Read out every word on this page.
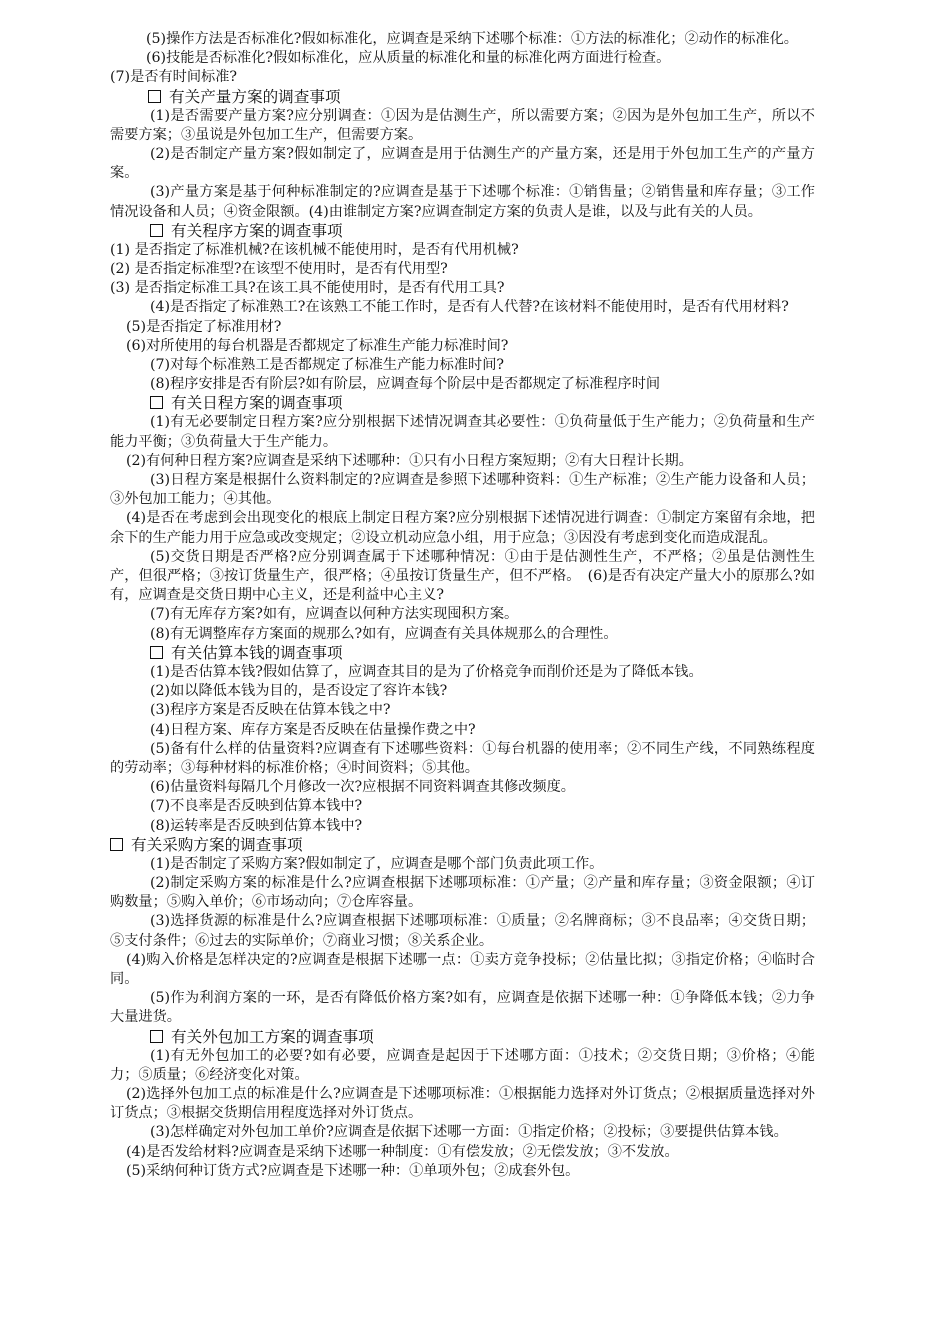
(5)操作方法是否标准化?假如标准化，应调查是采纳下述哪个标准：①方法的标准化；②动作的标准化。

(6)技能是否标准化?假如标准化，应从质量的标准化和量的标准化两方面进行检查。

(7)是否有时间标准?

有关产量方案的调查事项

(1)是否需要产量方案?应分别调查：①因为是估测生产，所以需要方案；②因为是外包加工生产，所以不需要方案；③虽说是外包加工生产，但需要方案。

(2)是否制定产量方案?假如制定了，应调查是用于估测生产的产量方案，还是用于外包加工生产的产量方案。

(3)产量方案是基于何种标准制定的?应调查是基于下述哪个标准：①销售量；②销售量和库存量；③工作情况设备和人员；④资金限额。(4)由谁制定方案?应调查制定方案的负责人是谁，以及与此有关的人员。

有关程序方案的调查事项

(1) 是否指定了标准机械?在该机械不能使用时，是否有代用机械?

(2) 是否指定标准型?在该型不使用时，是否有代用型?

(3) 是否指定标准工具?在该工具不能使用时，是否有代用工具?

(4)是否指定了标准熟工?在该熟工不能工作时，是否有人代替?在该材料不能使用时，是否有代用材料?

(5)是否指定了标准用材?

(6)对所使用的每台机器是否都规定了标准生产能力标准时间?

(7)对每个标准熟工是否都规定了标准生产能力标准时间?

(8)程序安排是否有阶层?如有阶层，应调查每个阶层中是否都规定了标准程序时间

有关日程方案的调查事项

(1)有无必要制定日程方案?应分别根据下述情况调查其必要性：①负荷量低于生产能力；②负荷量和生产能力平衡；③负荷量大于生产能力。

(2)有何种日程方案?应调查是采纳下述哪种：①只有小日程方案短期；②有大日程计长期。

(3)日程方案是根据什么资料制定的?应调查是参照下述哪种资料：①生产标准；②生产能力设备和人员；③外包加工能力；④其他。

(4)是否在考虑到会出现变化的根底上制定日程方案?应分别根据下述情况进行调查：①制定方案留有余地，把余下的生产能力用于应急或改变规定；②设立机动应急小组，用于应急；③因没有考虑到变化而造成混乱。

(5)交货日期是否严格?应分别调查属于下述哪种情况：①由于是估测性生产，不严格；②虽是估测性生产，但很严格；③按订货量生产，很严格；④虽按订货量生产，但不严格。　(6)是否有决定产量大小的原那么?如有，应调查是交货日期中心主义，还是利益中心主义?

(7)有无库存方案?如有，应调查以何种方法实现囤积方案。

(8)有无调整库存方案面的规那么?如有，应调查有关具体规那么的合理性。

有关估算本钱的调查事项

(1)是否估算本钱?假如估算了，应调查其目的是为了价格竞争而削价还是为了降低本钱。

(2)如以降低本钱为目的，是否设定了容许本钱?

(3)程序方案是否反映在估算本钱之中?

(4)日程方案、库存方案是否反映在估量操作费之中?

(5)备有什么样的估量资料?应调查有下述哪些资料：①每台机器的使用率；②不同生产线，不同熟练程度的劳动率；③每种材料的标准价格；④时间资料；⑤其他。

(6)估量资料每隔几个月修改一次?应根据不同资料调查其修改频度。

(7)不良率是否反映到估算本钱中?

(8)运转率是否反映到估算本钱中?

有关采购方案的调查事项

(1)是否制定了采购方案?假如制定了，应调查是哪个部门负责此项工作。

(2)制定采购方案的标准是什么?应调查根据下述哪项标准：①产量；②产量和库存量；③资金限额；④订购数量；⑤购入单价；⑥市场动向；⑦仓库容量。

(3)选择货源的标准是什么?应调查根据下述哪项标准：①质量；②名牌商标；③不良品率；④交货日期；⑤支付条件；⑥过去的实际单价；⑦商业习惯；⑧关系企业。

(4)购入价格是怎样决定的?应调查是根据下述哪一点：①卖方竞争投标；②估量比拟；③指定价格；④临时合同。

(5)作为利润方案的一环，是否有降低价格方案?如有，应调查是依据下述哪一种：①争降低本钱；②力争大量进货。

有关外包加工方案的调查事项

(1)有无外包加工的必要?如有必要，应调查是起因于下述哪方面：①技术；②交货日期；③价格；④能力；⑤质量；⑥经济变化对策。

(2)选择外包加工点的标准是什么?应调查是下述哪项标准：①根据能力选择对外订货点；②根据质量选择对外订货点；③根据交货期信用程度选择对外订货点。

(3)怎样确定对外包加工单价?应调查是依据下述哪一方面：①指定价格；②投标；③要提供估算本钱。

(4)是否发给材料?应调查是采纳下述哪一种制度：①有偿发放；②无偿发放；③不发放。

(5)采纳何种订货方式?应调查是下述哪一种：①单项外包；②成套外包。
